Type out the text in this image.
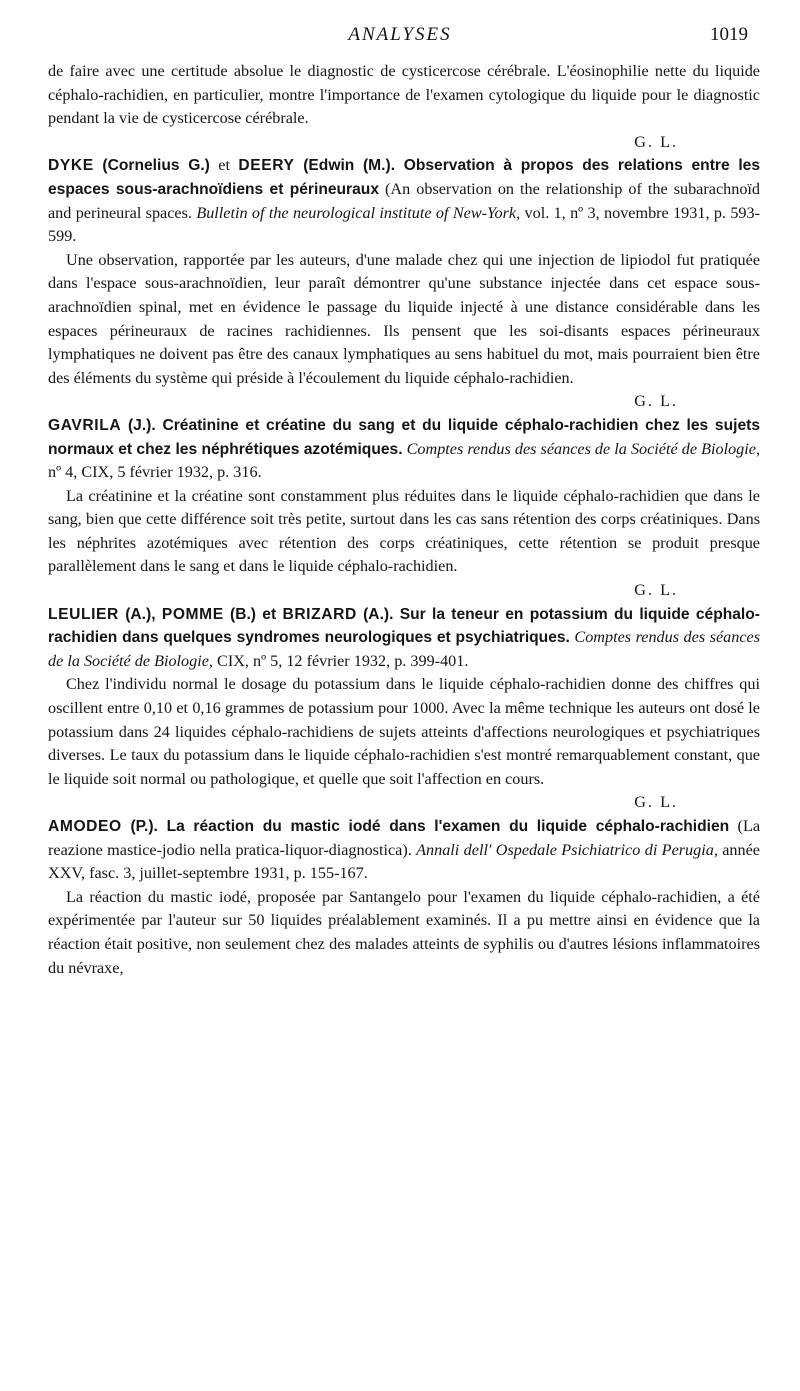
ANALYSES	1019

de faire avec une certitude absolue le diagnostic de cysticercose cérébrale. L'éosinophilie nette du liquide céphalo-rachidien, en particulier, montre l'importance de l'examen cytologique du liquide pour le diagnostic pendant la vie de cysticercose cérébrale.

G. L.

DYKE (Cornelius G.) et DEERY (Edwin (M.). Observation à propos des relations entre les espaces sous-arachnoïdiens et périneuraux (An observation on the relationship of the subarachnoïd and perineural spaces. Bulletin of the neurological institute of New-York, vol. 1, nº 3, novembre 1931, p. 593-599.

Une observation, rapportée par les auteurs, d'une malade chez qui une injection de lipiodol fut pratiquée dans l'espace sous-arachnoïdien, leur paraît démontrer qu'une substance injectée dans cet espace sous-arachnoïdien spinal, met en évidence le passage du liquide injecté à une distance considérable dans les espaces périneuraux de racines rachidiennes. Ils pensent que les soi-disants espaces périneuraux lymphatiques ne doivent pas être des canaux lymphatiques au sens habituel du mot, mais pourraient bien être des éléments du système qui préside à l'écoulement du liquide céphalo-rachidien.

G. L.

GAVRILA (J.). Créatinine et créatine du sang et du liquide céphalo-rachidien chez les sujets normaux et chez les néphrétiques azotémiques. Comptes rendus des séances de la Société de Biologie, nº 4, CIX, 5 février 1932, p. 316.

La créatinine et la créatine sont constamment plus réduites dans le liquide céphalo-rachidien que dans le sang, bien que cette différence soit très petite, surtout dans les cas sans rétention des corps créatiniques. Dans les néphrites azotémiques avec rétention des corps créatiniques, cette rétention se produit presque parallèlement dans le sang et dans le liquide céphalo-rachidien.

G. L.

LEULIER (A.), POMME (B.) et BRIZARD (A.). Sur la teneur en potassium du liquide céphalo-rachidien dans quelques syndromes neurologiques et psychiatriques. Comptes rendus des séances de la Société de Biologie, CIX, nº 5, 12 février 1932, p. 399-401.

Chez l'individu normal le dosage du potassium dans le liquide céphalo-rachidien donne des chiffres qui oscillent entre 0,10 et 0,16 grammes de potassium pour 1000. Avec la même technique les auteurs ont dosé le potassium dans 24 liquides céphalo-rachidiens de sujets atteints d'affections neurologiques et psychiatriques diverses. Le taux du potassium dans le liquide céphalo-rachidien s'est montré remarquablement constant, que le liquide soit normal ou pathologique, et quelle que soit l'affection en cours.

G. L.

AMODEO (P.). La réaction du mastic iodé dans l'examen du liquide céphalo-rachidien (La reazione mastice-jodio nella pratica-liquor-diagnostica). Annali dell' Ospedale Psichiatrico di Perugia, année XXV, fasc. 3, juillet-septembre 1931, p. 155-167.

La réaction du mastic iodé, proposée par Santangelo pour l'examen du liquide céphalo-rachidien, a été expérimentée par l'auteur sur 50 liquides préalablement examinés. Il a pu mettre ainsi en évidence que la réaction était positive, non seulement chez des malades atteints de syphilis ou d'autres lésions inflammatoires du névraxe,
